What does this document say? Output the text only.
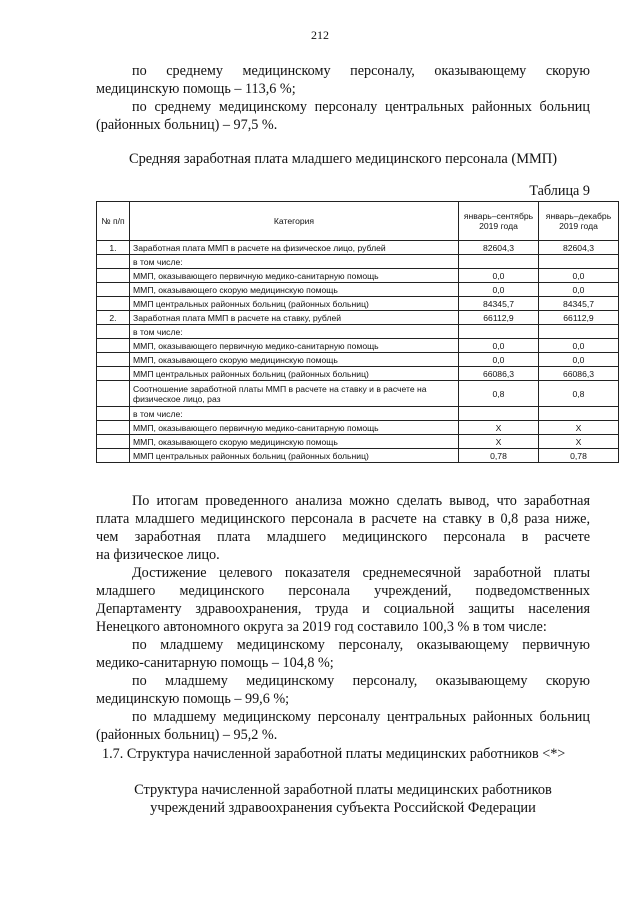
212
по среднему медицинскому персоналу, оказывающему скорую
медицинскую помощь – 113,6 %;
по среднему медицинскому персоналу центральных районных больниц
(районных больниц) – 97,5 %.
Средняя заработная плата младшего медицинского персонала (ММП)
Таблица 9
№ п/п	Категория	январь–сентябрь 2019 года	январь–декабрь 2019 года
1.	Заработная плата ММП в расчете на физическое лицо, рублей	82604,3	82604,3
	в том числе:		
	ММП, оказывающего первичную медико-санитарную помощь	0,0	0,0
	ММП, оказывающего скорую медицинскую помощь	0,0	0,0
	ММП центральных районных больниц (районных больниц)	84345,7	84345,7
2.	Заработная плата ММП в расчете на ставку, рублей	66112,9	66112,9
	в том числе:		
	ММП, оказывающего первичную медико-санитарную помощь	0,0	0,0
	ММП, оказывающего скорую медицинскую помощь	0,0	0,0
	ММП центральных районных больниц (районных больниц)	66086,3	66086,3
	Соотношение заработной платы ММП в расчете на ставку и в расчете на физическое лицо, раз	0,8	0,8
	в том числе:		
	ММП, оказывающего первичную медико-санитарную помощь	X	X
	ММП, оказывающего скорую медицинскую помощь	X	X
	ММП центральных районных больниц (районных больниц)	0,78	0,78
По итогам проведенного анализа можно сделать вывод, что заработная
плата младшего медицинского персонала в расчете на ставку в 0,8 раза ниже,
чем заработная плата младшего медицинского персонала в расчете
на физическое лицо.
Достижение целевого показателя среднемесячной заработной платы
младшего медицинского персонала учреждений, подведомственных
Департаменту здравоохранения, труда и социальной защиты населения
Ненецкого автономного округа за 2019 год составило 100,3 % в том числе:
по младшему медицинскому персоналу, оказывающему первичную
медико-санитарную помощь – 104,8 %;
по младшему медицинскому персоналу, оказывающему скорую
медицинскую помощь – 99,6 %;
по младшему медицинскому персоналу центральных районных больниц
(районных больниц) – 95,2 %.
1.7. Структура начисленной заработной платы медицинских работников <*>
Структура начисленной заработной платы медицинских работников
учреждений здравоохранения субъекта Российской Федерации
